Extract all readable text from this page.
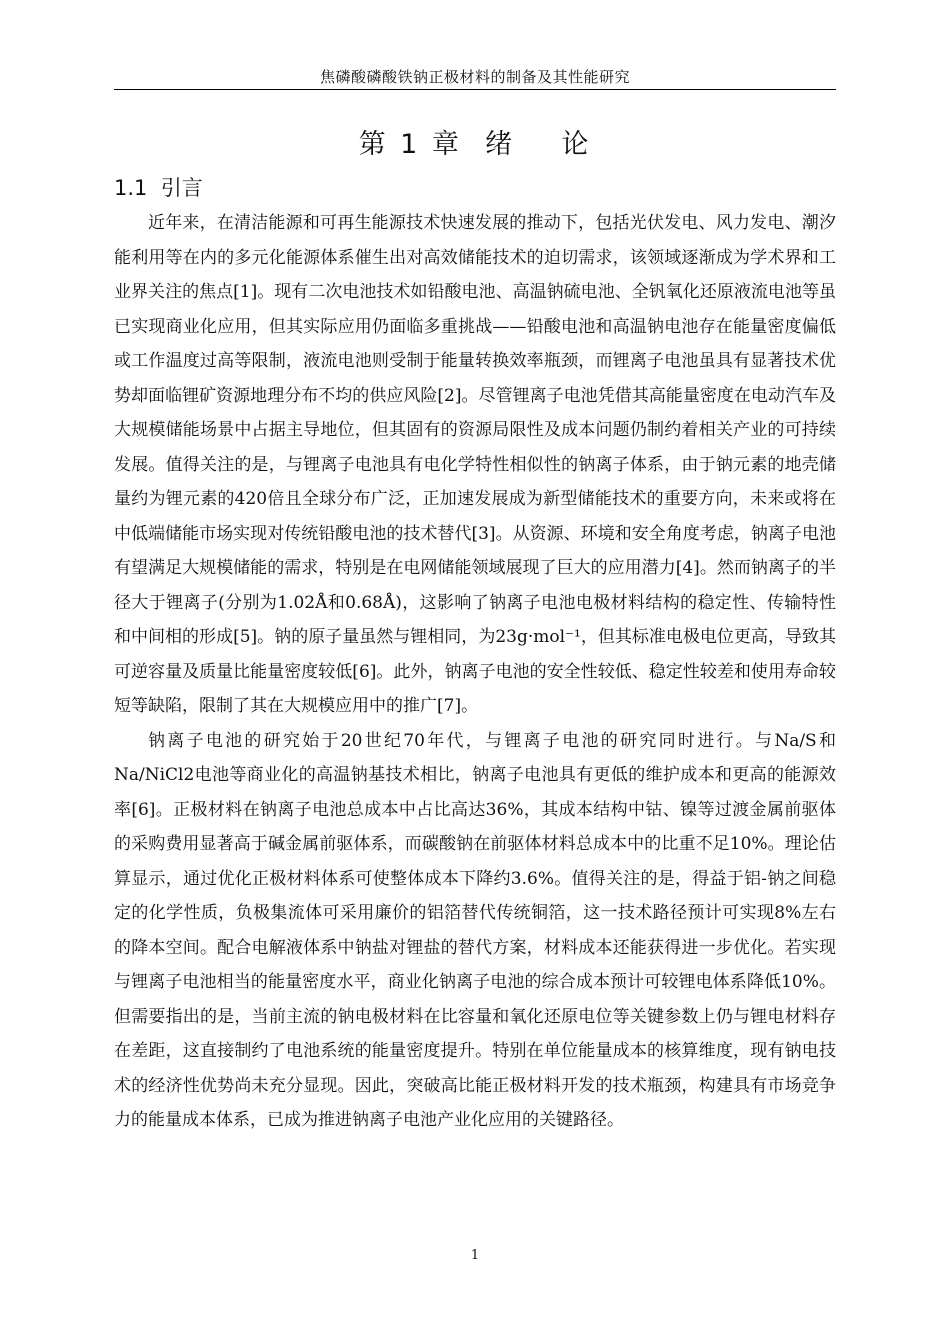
焦磷酸磷酸铁钠正极材料的制备及其性能研究
第 1 章  绪    论
1.1  引言

近年来，在清洁能源和可再生能源技术快速发展的推动下，包括光伏发电、风力发电、潮汐能利用等在内的多元化能源体系催生出对高效储能技术的迫切需求，该领域逐渐成为学术界和工业界关注的焦点[1]。现有二次电池技术如铅酸电池、高温钠硫电池、全钒氧化还原液流电池等虽已实现商业化应用，但其实际应用仍面临多重挑战——铅酸电池和高温钠电池存在能量密度偏低或工作温度过高等限制，液流电池则受制于能量转换效率瓶颈，而锂离子电池虽具有显著技术优势却面临锂矿资源地理分布不均的供应风险[2]。尽管锂离子电池凭借其高能量密度在电动汽车及大规模储能场景中占据主导地位，但其固有的资源局限性及成本问题仍制约着相关产业的可持续发展。值得关注的是，与锂离子电池具有电化学特性相似性的钠离子体系，由于钠元素的地壳储量约为锂元素的420倍且全球分布广泛，正加速发展成为新型储能技术的重要方向，未来或将在中低端储能市场实现对传统铅酸电池的技术替代[3]。从资源、环境和安全角度考虑，钠离子电池有望满足大规模储能的需求，特别是在电网储能领域展现了巨大的应用潜力[4]。然而钠离子的半径大于锂离子(分别为1.02Å和0.68Å)，这影响了钠离子电池电极材料结构的稳定性、传输特性和中间相的形成[5]。钠的原子量虽然与锂相同，为23g·mol⁻¹，但其标准电极电位更高，导致其可逆容量及质量比能量密度较低[6]。此外，钠离子电池的安全性较低、稳定性较差和使用寿命较短等缺陷，限制了其在大规模应用中的推广[7]。

钠离子电池的研究始于20世纪70年代，与锂离子电池的研究同时进行。与Na/S和Na/NiCl2电池等商业化的高温钠基技术相比，钠离子电池具有更低的维护成本和更高的能源效率[6]。正极材料在钠离子电池总成本中占比高达36%，其成本结构中钴、镍等过渡金属前驱体的采购费用显著高于碱金属前驱体系，而碳酸钠在前驱体材料总成本中的比重不足10%。理论估算显示，通过优化正极材料体系可使整体成本下降约3.6%。值得关注的是，得益于铝-钠之间稳定的化学性质，负极集流体可采用廉价的铝箔替代传统铜箔，这一技术路径预计可实现8%左右的降本空间。配合电解液体系中钠盐对锂盐的替代方案，材料成本还能获得进一步优化。若实现与锂离子电池相当的能量密度水平，商业化钠离子电池的综合成本预计可较锂电体系降低10%。但需要指出的是，当前主流的钠电极材料在比容量和氧化还原电位等关键参数上仍与锂电材料存在差距，这直接制约了电池系统的能量密度提升。特别在单位能量成本的核算维度，现有钠电技术的经济性优势尚未充分显现。因此，突破高比能正极材料开发的技术瓶颈，构建具有市场竞争力的能量成本体系，已成为推进钠离子电池产业化应用的关键路径。

1
